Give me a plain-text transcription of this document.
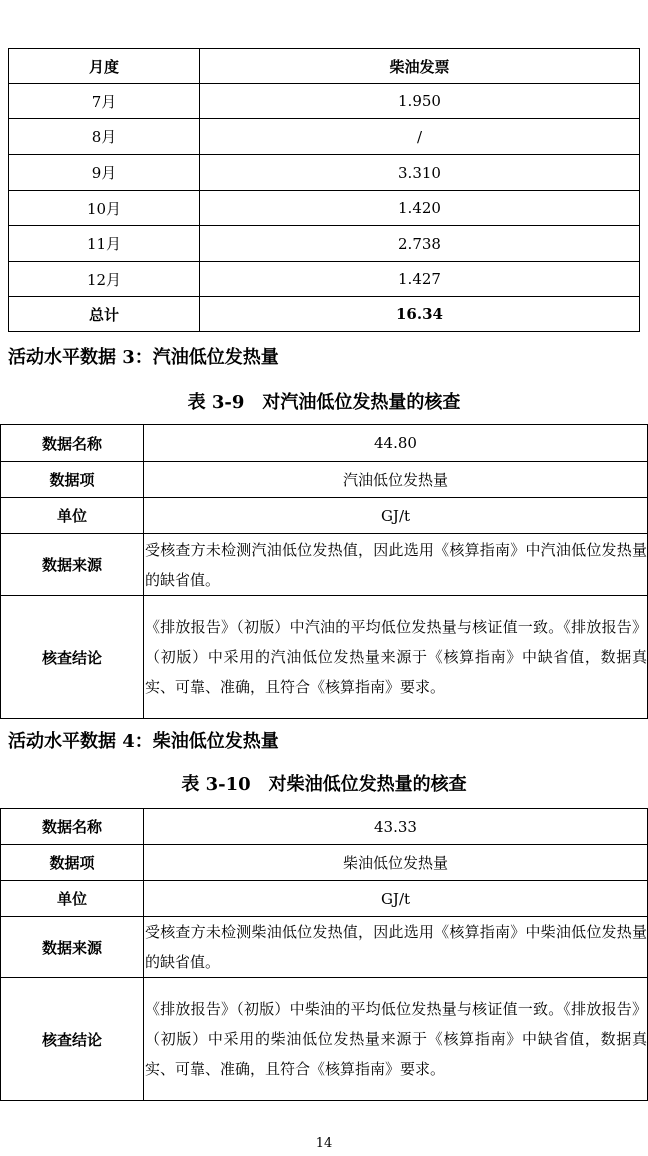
月度	柴油发票
7月	1.950
8月	/
9月	3.310
10月	1.420
11月	2.738
12月	1.427
总计	16.34
活动水平数据 3：汽油低位发热量
表 3-9　对汽油低位发热量的核查
数据名称	44.80
数据项	汽油低位发热量
单位	GJ/t
数据来源	受核查方未检测汽油低位发热值，因此选用《核算指南》中汽油低位发热量的缺省值。
核查结论	《排放报告》（初版）中汽油的平均低位发热量与核证值一致。《排放报告》（初版）中采用的汽油低位发热量来源于《核算指南》中缺省值，数据真实、可靠、准确，且符合《核算指南》要求。
活动水平数据 4：柴油低位发热量
表 3-10　对柴油低位发热量的核查
数据名称	43.33
数据项	柴油低位发热量
单位	GJ/t
数据来源	受核查方未检测柴油低位发热值，因此选用《核算指南》中柴油低位发热量的缺省值。
核查结论	《排放报告》（初版）中柴油的平均低位发热量与核证值一致。《排放报告》（初版）中采用的柴油低位发热量来源于《核算指南》中缺省值，数据真实、可靠、准确，且符合《核算指南》要求。
14
